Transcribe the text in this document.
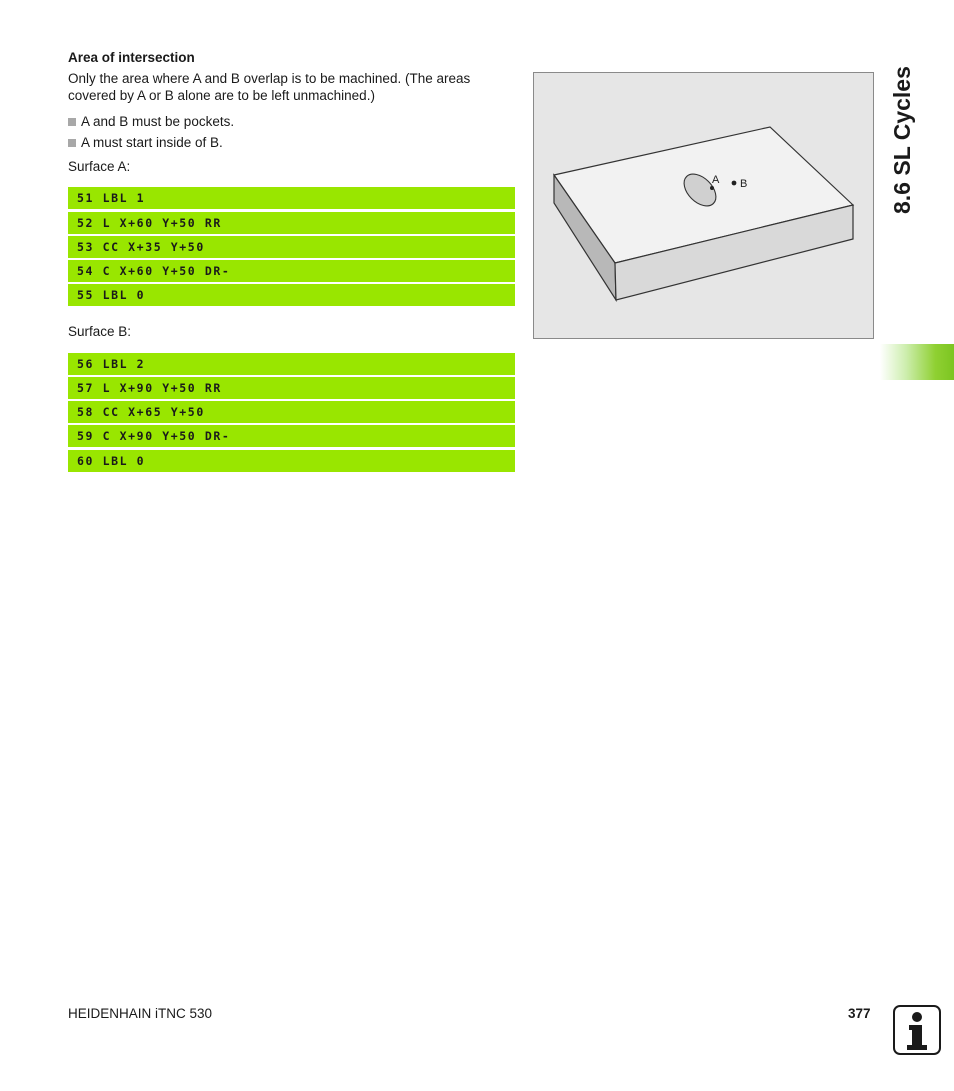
Area of intersection
Only the area where A and B overlap is to be machined. (The areas covered by A or B alone are to be left unmachined.)
A and B must be pockets.
A must start inside of B.
Surface A:
51 LBL 1
52 L X+60 Y+50 RR
53 CC X+35 Y+50
54 C X+60 Y+50 DR-
55 LBL 0
Surface B:
56 LBL 2
57 L X+90 Y+50 RR
58 CC X+65 Y+50
59 C X+90 Y+50 DR-
60 LBL 0
A B	8.6 SL Cycles
HEIDENHAIN iTNC 530	377
